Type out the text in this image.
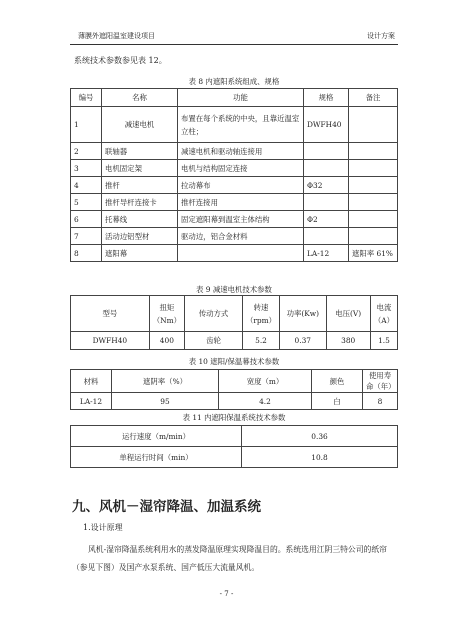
薄膜外遮阳温室建设项目	设计方案
系统技术参数参见表 12。
表 8 内遮阳系统组成、规格
编号	名称	功能	规格	备注
1	减速电机	布置在每个系统的中央，且靠近温室立柱；	DWFH40	
2	联轴器	减速电机和驱动轴连接用		
3	电机固定架	电机与结构固定连接		
4	推杆	拉动幕布	Φ32	
5	推杆导杆连接卡	推杆连接用		
6	托幕线	固定遮阳幕到温室主体结构	Φ2	
7	活动边铝型材	驱动边，铝合金材料		
8	遮阳幕		LA-12	遮阳率 61%
表 9 减速电机技术参数
型号	扭矩（Nm）	传动方式	转速（rpm）	功率(Kw)	电压(V)	电流（A）
DWFH40	400	齿轮	5.2	0.37	380	1.5
表 10 遮阳/保温幕技术参数
材料	遮阴率（%）	宽度（m）	颜色	使用寿命（年）
LA-12	95	4.2	白	8
表 11 内遮阳保温系统技术参数
运行速度（m/min）	0.36
单程运行时间（min）	10.8
九、风机－湿帘降温、加温系统
1.设计原理
风机-湿帘降温系统利用水的蒸发降温原理实现降温目的。系统选用江阴三特公司的纸帘（参见下图）及国产水泵系统、国产低压大流量风机。
- 7 -
